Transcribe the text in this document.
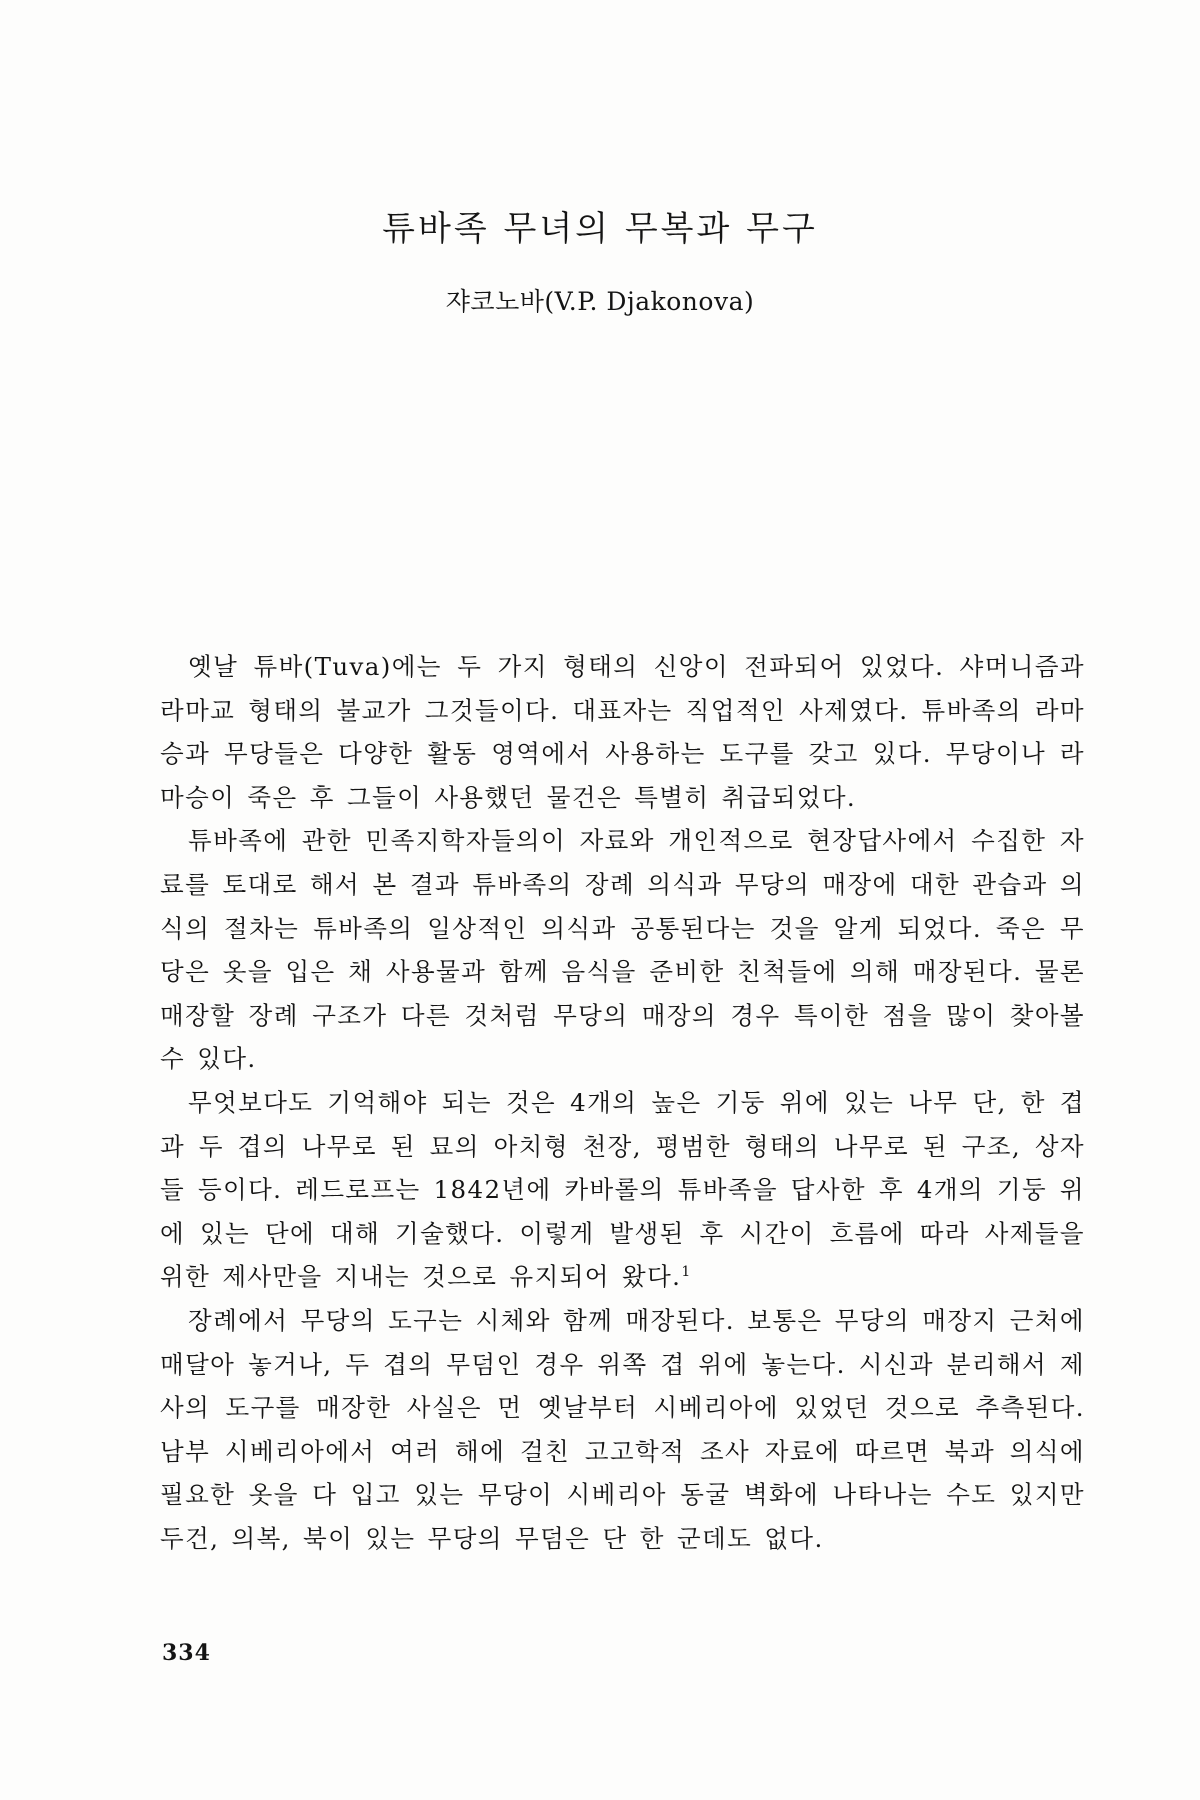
튜바족 무녀의 무복과 무구
쟈코노바(V.P. Djakonova)

옛날 튜바(Tuva)에는 두 가지 형태의 신앙이 전파되어 있었다. 샤머니즘과 라마교 형태의 불교가 그것들이다. 대표자는 직업적인 사제였다. 튜바족의 라마승과 무당들은 다양한 활동 영역에서 사용하는 도구를 갖고 있다. 무당이나 라마승이 죽은 후 그들이 사용했던 물건은 특별히 취급되었다.

튜바족에 관한 민족지학자들의이 자료와 개인적으로 현장답사에서 수집한 자료를 토대로 해서 본 결과 튜바족의 장례 의식과 무당의 매장에 대한 관습과 의식의 절차는 튜바족의 일상적인 의식과 공통된다는 것을 알게 되었다. 죽은 무당은 옷을 입은 채 사용물과 함께 음식을 준비한 친척들에 의해 매장된다. 물론 매장할 장례 구조가 다른 것처럼 무당의 매장의 경우 특이한 점을 많이 찾아볼 수 있다.

무엇보다도 기억해야 되는 것은 4개의 높은 기둥 위에 있는 나무 단, 한 겹과 두 겹의 나무로 된 묘의 아치형 천장, 평범한 형태의 나무로 된 구조, 상자들 등이다. 레드로프는 1842년에 카바롤의 튜바족을 답사한 후 4개의 기둥 위에 있는 단에 대해 기술했다. 이렇게 발생된 후 시간이 흐름에 따라 사제들을 위한 제사만을 지내는 것으로 유지되어 왔다.$^1$

장례에서 무당의 도구는 시체와 함께 매장된다. 보통은 무당의 매장지 근처에 매달아 놓거나, 두 겹의 무덤인 경우 위쪽 겹 위에 놓는다. 시신과 분리해서 제사의 도구를 매장한 사실은 먼 옛날부터 시베리아에 있었던 것으로 추측된다. 남부 시베리아에서 여러 해에 걸친 고고학적 조사 자료에 따르면 북과 의식에 필요한 옷을 다 입고 있는 무당이 시베리아 동굴 벽화에 나타나는 수도 있지만 두건, 의복, 북이 있는 무당의 무덤은 단 한 군데도 없다.

334
